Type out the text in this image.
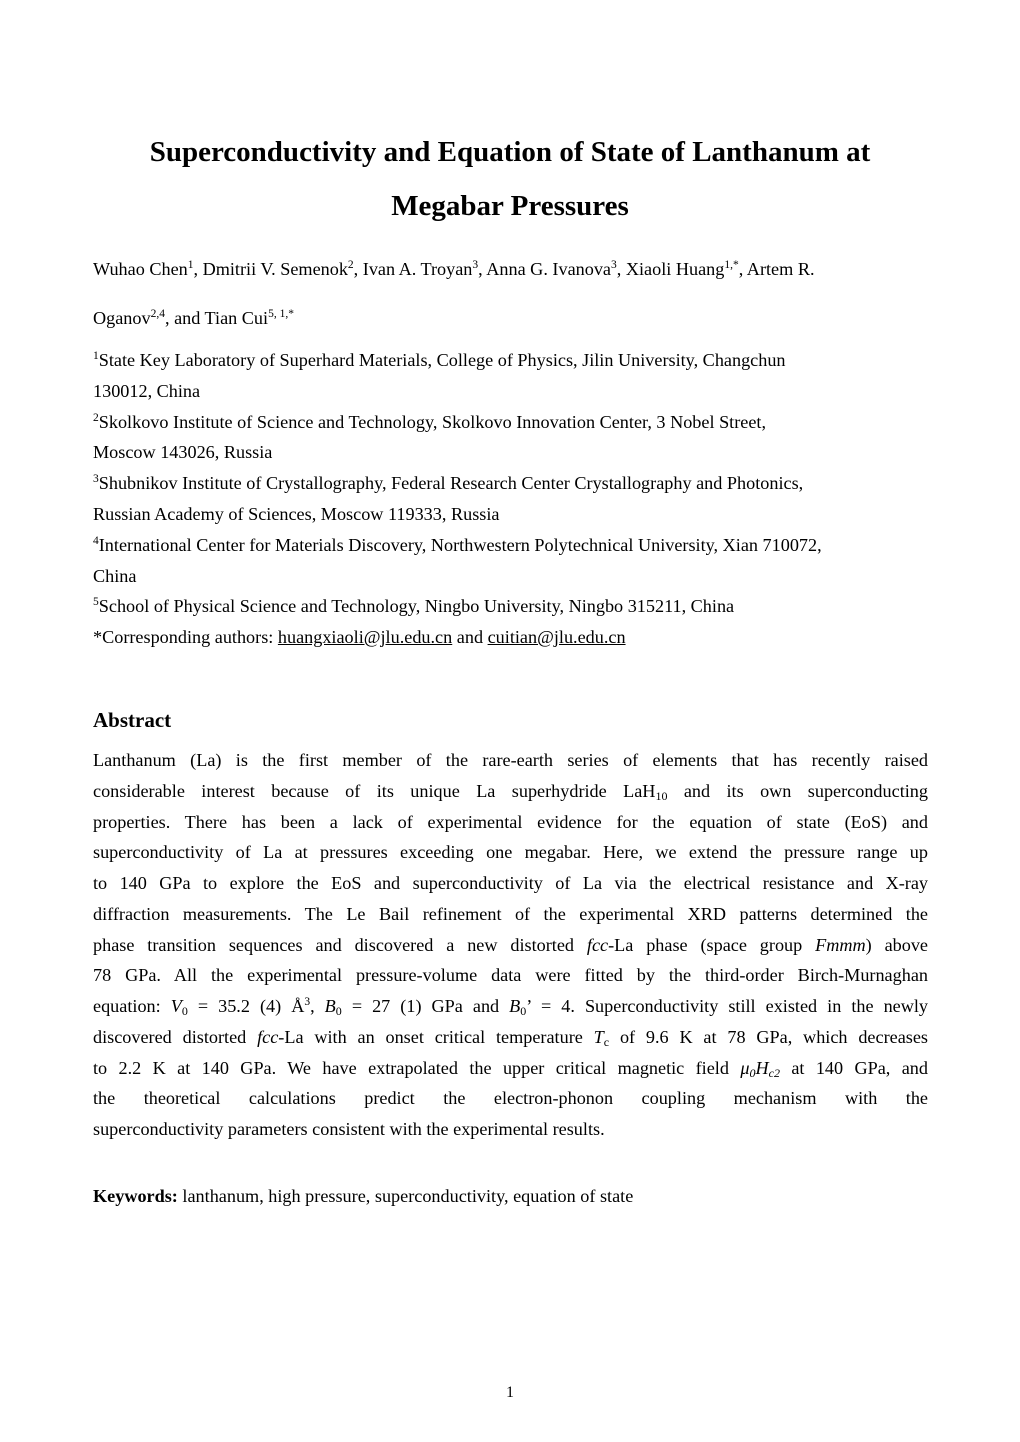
Superconductivity and Equation of State of Lanthanum at
Megabar Pressures
Wuhao Chen$^1$, Dmitrii V. Semenok$^2$, Ivan A. Troyan$^3$, Anna G. Ivanova$^3$, Xiaoli Huang$^{1,*}$, Artem R.
Oganov$^{2,4}$, and Tian Cui$^{5, 1,*}$
$^1$State Key Laboratory of Superhard Materials, College of Physics, Jilin University, Changchun
130012, China
$^2$Skolkovo Institute of Science and Technology, Skolkovo Innovation Center, 3 Nobel Street,
Moscow 143026, Russia
$^3$Shubnikov Institute of Crystallography, Federal Research Center Crystallography and Photonics,
Russian Academy of Sciences, Moscow 119333, Russia
$^4$International Center for Materials Discovery, Northwestern Polytechnical University, Xian 710072,
China
$^5$School of Physical Science and Technology, Ningbo University, Ningbo 315211, China
*Corresponding authors: huangxiaoli@jlu.edu.cn and cuitian@jlu.edu.cn
Abstract
Lanthanum (La) is the first member of the rare-earth series of elements that has recently raised
considerable interest because of its unique La superhydride LaH$_{10}$ and its own superconducting
properties. There has been a lack of experimental evidence for the equation of state (EoS) and
superconductivity of La at pressures exceeding one megabar. Here, we extend the pressure range up
to 140 GPa to explore the EoS and superconductivity of La via the electrical resistance and X-ray
diffraction measurements. The Le Bail refinement of the experimental XRD patterns determined the
phase transition sequences and discovered a new distorted fcc-La phase (space group Fmmm) above
78 GPa. All the experimental pressure-volume data were fitted by the third-order Birch-Murnaghan
equation: $V_0 = 35.2$ (4) $Å^3$, $B_0 = 27$ (1) GPa and $B_0$’ = 4. Superconductivity still existed in the newly
discovered distorted fcc-La with an onset critical temperature $T_c$ of 9.6 K at 78 GPa, which decreases
to 2.2 K at 140 GPa. We have extrapolated the upper critical magnetic field $\mu_0H_{c2}$ at 140 GPa, and
the theoretical calculations predict the electron-phonon coupling mechanism with the
superconductivity parameters consistent with the experimental results.
Keywords: lanthanum, high pressure, superconductivity, equation of state
1
